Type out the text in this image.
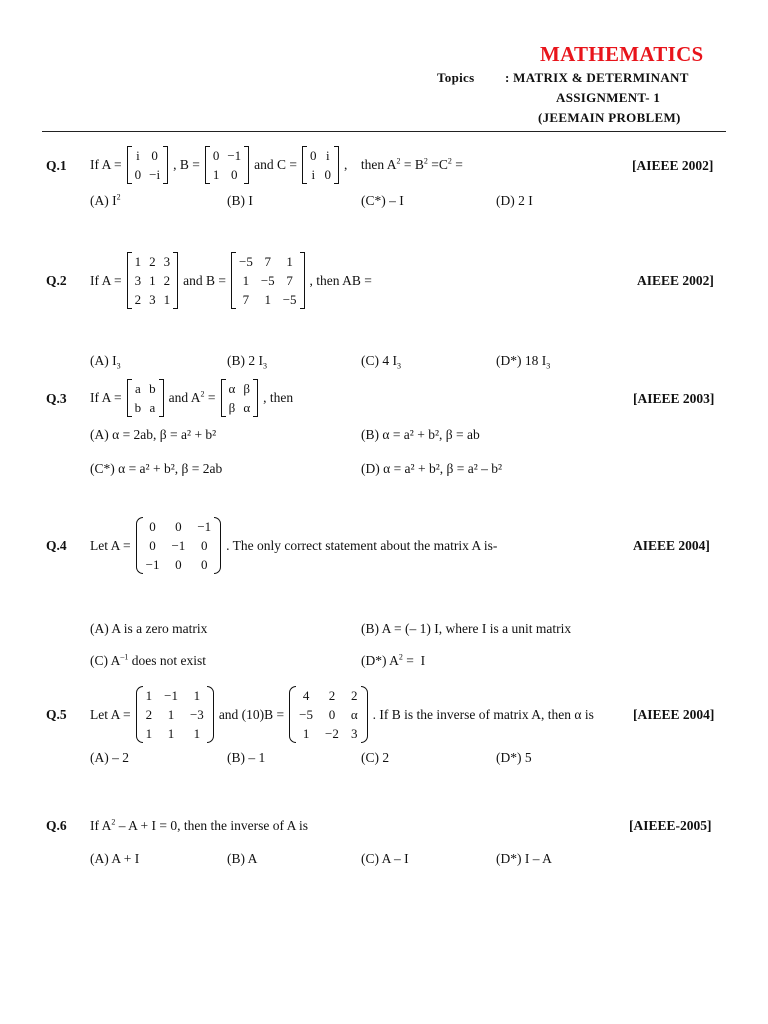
MATHEMATICS
Topics : MATRIX & DETERMINANT
ASSIGNMENT- 1
(JEEMAIN PROBLEM)
Q.1 If A =
i	0
0	−i
, B =
0	−1
1	0
and C =
0	i
i	0
,    then $A^2 = B^2 =C^2$ =	[AIEEE 2002]
(A) $I^2$	(B) I	(C*) – I	(D) 2 I
Q.2 If A =
1	2	3
3	1	2
2	3	1
and B =
−5	7	1
1	−5	7
7	1	−5
, then AB =	AIEEE 2002]
(A) $I_3$	(B) 2 $I_3$	(C) 4 $I_3$	(D*) 18 $I_3$
Q.3 If A =
a	b
b	a
and $A^2$ =
α	β
β	α
, then	[AIEEE 2003]
(A) α = 2ab, β = a² + b²	(B) α = a² + b², β = ab
(C*) α = a² + b², β = 2ab	(D) α = a² + b², β = a² – b²
Q.4 Let A =
0	0	−1
0	−1	0
−1	0	0
. The only correct statement about the matrix A is-	AIEEE 2004]
(A) A is a zero matrix	(B) A = (– 1) I, where I is a unit matrix
(C) $A^{-1}$ does not exist	(D*) $A^2 = I$
Q.5 Let A =
1	−1	1
2	1	−3
1	1	1
and (10)B =
4	2	2
−5	0	α
1	−2	3
. If B is the inverse of matrix A, then α is	[AIEEE 2004]
(A) – 2	(B) – 1	(C) 2	(D*) 5
Q.6 If $A^2 - A + I = 0$, then the inverse of A is	[AIEEE-2005]
(A) A + I	(B) A	(C) A – I	(D*) I – A
